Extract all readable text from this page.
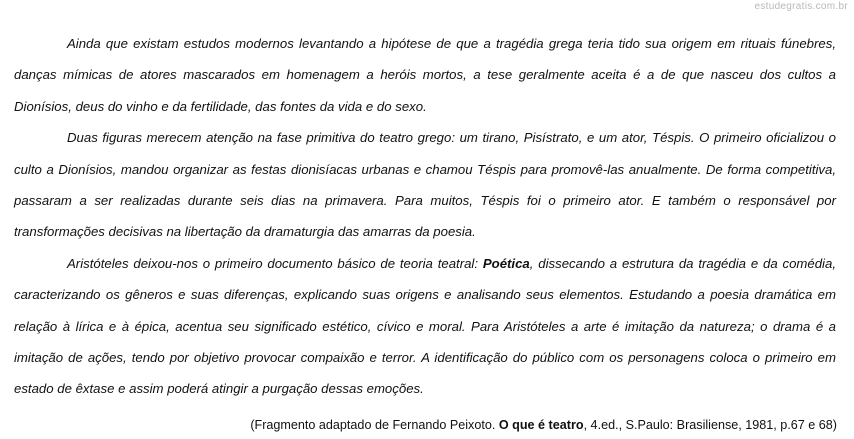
estudegratis.com.br

Ainda que existam estudos modernos levantando a hipótese de que a tragédia grega teria tido sua origem em rituais fúnebres, danças mímicas de atores mascarados em homenagem a heróis mortos, a tese geralmente aceita é a de que nasceu dos cultos a Dionísios, deus do vinho e da fertilidade, das fontes da vida e do sexo.

Duas figuras merecem atenção na fase primitiva do teatro grego: um tirano, Pisístrato, e um ator, Téspis. O primeiro oficializou o culto a Dionísios, mandou organizar as festas dionisíacas urbanas e chamou Téspis para promovê-las anualmente. De forma competitiva, passaram a ser realizadas durante seis dias na primavera. Para muitos, Téspis foi o primeiro ator. E também o responsável por transformações decisivas na libertação da dramaturgia das amarras da poesia.

Aristóteles deixou-nos o primeiro documento básico de teoria teatral: Poética, dissecando a estrutura da tragédia e da comédia, caracterizando os gêneros e suas diferenças, explicando suas origens e analisando seus elementos. Estudando a poesia dramática em relação à lírica e à épica, acentua seu significado estético, cívico e moral. Para Aristóteles a arte é imitação da natureza; o drama é a imitação de ações, tendo por objetivo provocar compaixão e terror. A identificação do público com os personagens coloca o primeiro em estado de êxtase e assim poderá atingir a purgação dessas emoções.

(Fragmento adaptado de Fernando Peixoto. O que é teatro, 4.ed., S.Paulo: Brasiliense, 1981, p.67 e 68)
